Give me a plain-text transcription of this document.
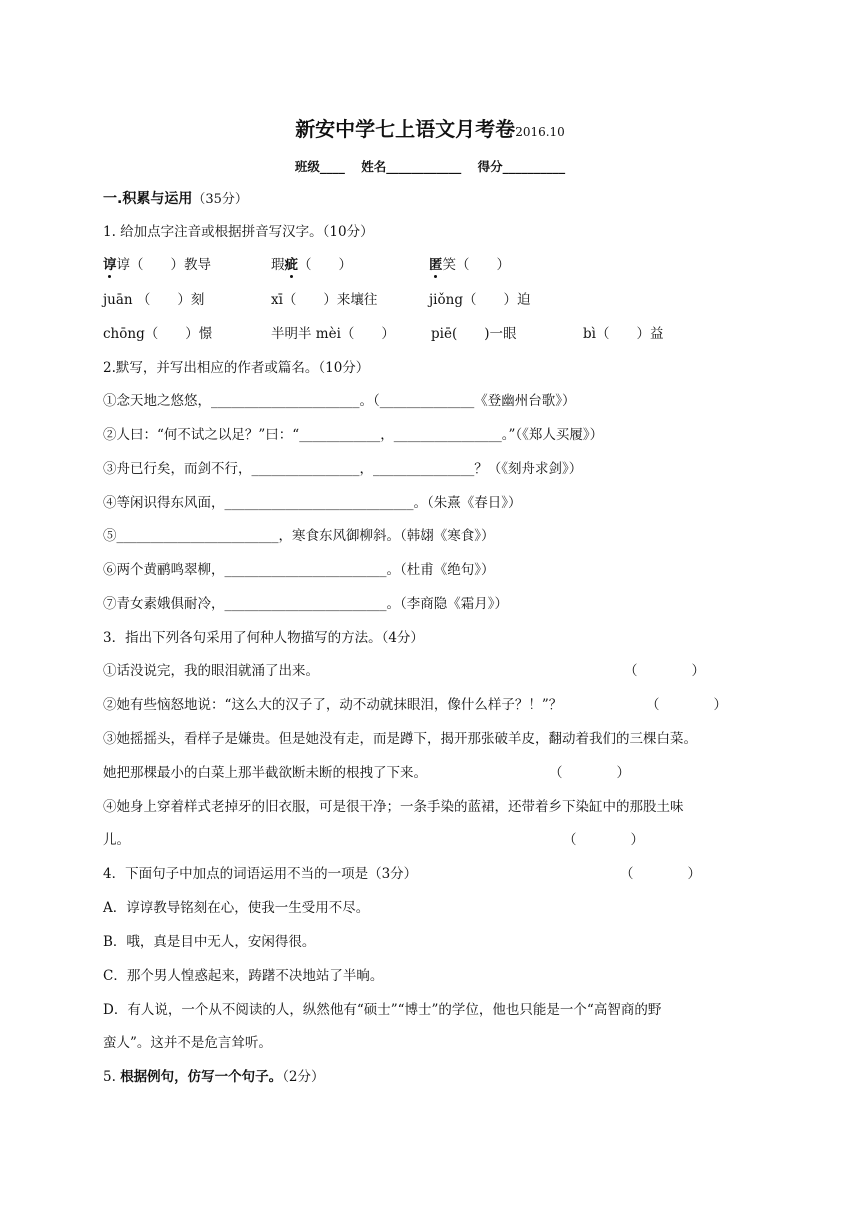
新安中学七上语文月考卷2016.10
班级____ 姓名____________ 得分__________
一.积累与运用（35分）
1. 给加点字注音或根据拼音写汉字。（10分）
谆谆（　　）教导	瑕疵（　　）	匿笑（　　）
juān （　　）刻	xī（　　）来壤往	jiǒng（　　）迫
chōng（　　）憬	半明半 mèi（　　）	piē(　　)一眼	bì（　　）益
2.默写，并写出相应的作者或篇名。（10分）
①念天地之悠悠，______________________。（______________《登幽州台歌》）
②人曰：“何不试之以足？”曰：“____________，________________。”（《郑人买履》）
③舟已行矣，而剑不行，________________，_______________？（《刻舟求剑》）
④等闲识得东风面，____________________________。（朱熹《春日》）
⑤________________________，寒食东风御柳斜。（韩翃《寒食》）
⑥两个黄鹂鸣翠柳，________________________。（杜甫《绝句》）
⑦青女素娥俱耐冷，________________________。（李商隐《霜月》）
3．指出下列各句采用了何种人物描写的方法。（4分）
①话没说完，我的眼泪就涌了出来。	（　　　　）
②她有些恼怒地说：“这么大的汉子了，动不动就抹眼泪，像什么样子？！”？	（　　　　）
③她摇摇头，看样子是嫌贵。但是她没有走，而是蹲下，揭开那张破羊皮，翻动着我们的三棵白菜。
她把那棵最小的白菜上那半截欲断未断的根拽了下来。	（　　　　）
④她身上穿着样式老掉牙的旧衣服，可是很干净；一条手染的蓝裙，还带着乡下染缸中的那股土味
儿。	（　　　　）
4．下面句子中加点的词语运用不当的一项是（3分）	（　　　　）
A．谆谆教导铭刻在心，使我一生受用不尽。
B．哦，真是目中无人，安闲得很。
C．那个男人惶惑起来，踌躇不决地站了半晌。
D．有人说，一个从不阅读的人，纵然他有“硕士”“博士”的学位，他也只能是一个“高智商的野
蛮人”。这并不是危言耸听。
5. 根据例句，仿写一个句子。（2分）
